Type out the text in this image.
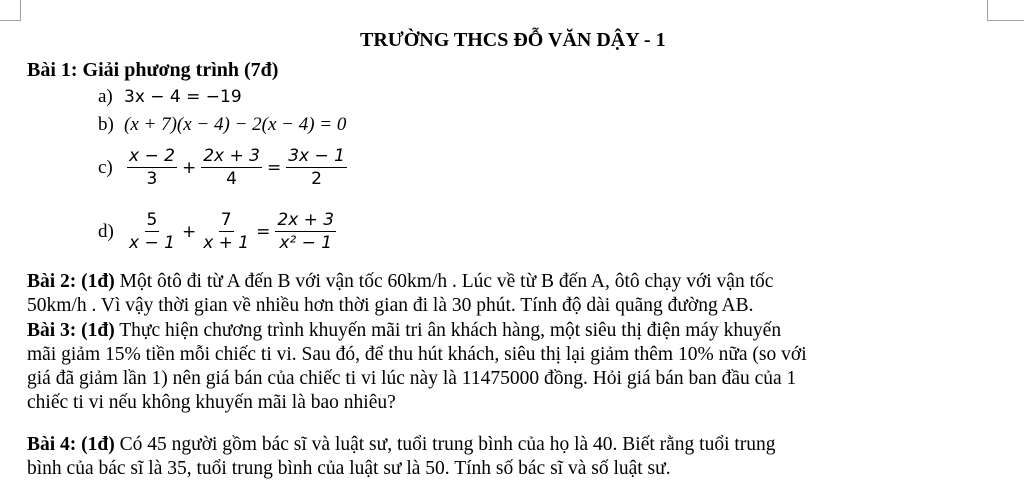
TRƯỜNG THCS ĐỖ VĂN DẬY - 1
Bài 1: Giải phương trình (7đ)
a) 3x − 4 = −19
b) (x + 7)(x − 4) − 2(x − 4) = 0
$c) \frac{x - 2}{3} + \frac{2x + 3}{4} = \frac{3x - 1}{2}$
$d) \frac{5}{x - 1} + \frac{7}{x + 1} = \frac{2x + 3}{\text{x² − 1}}$
Bài 2: (1đ) Một ôtô đi từ A đến B với vận tốc 60km/h . Lúc về từ B đến A, ôtô chạy với vận tốc
50km/h . Vì vậy thời gian về nhiều hơn thời gian đi là 30 phút. Tính độ dài quãng đường AB.
Bài 3: (1đ) Thực hiện chương trình khuyến mãi tri ân khách hàng, một siêu thị điện máy khuyến
mãi giảm 15% tiền mỗi chiếc ti vi. Sau đó, để thu hút khách, siêu thị lại giảm thêm 10% nữa (so với
giá đã giảm lần 1) nên giá bán của chiếc ti vi lúc này là 11475000 đồng. Hỏi giá bán ban đầu của 1
chiếc ti vi nếu không khuyến mãi là bao nhiêu?
Bài 4: (1đ) Có 45 người gồm bác sĩ và luật sư, tuổi trung bình của họ là 40. Biết rằng tuổi trung
bình của bác sĩ là 35, tuổi trung bình của luật sư là 50. Tính số bác sĩ và số luật sư.
